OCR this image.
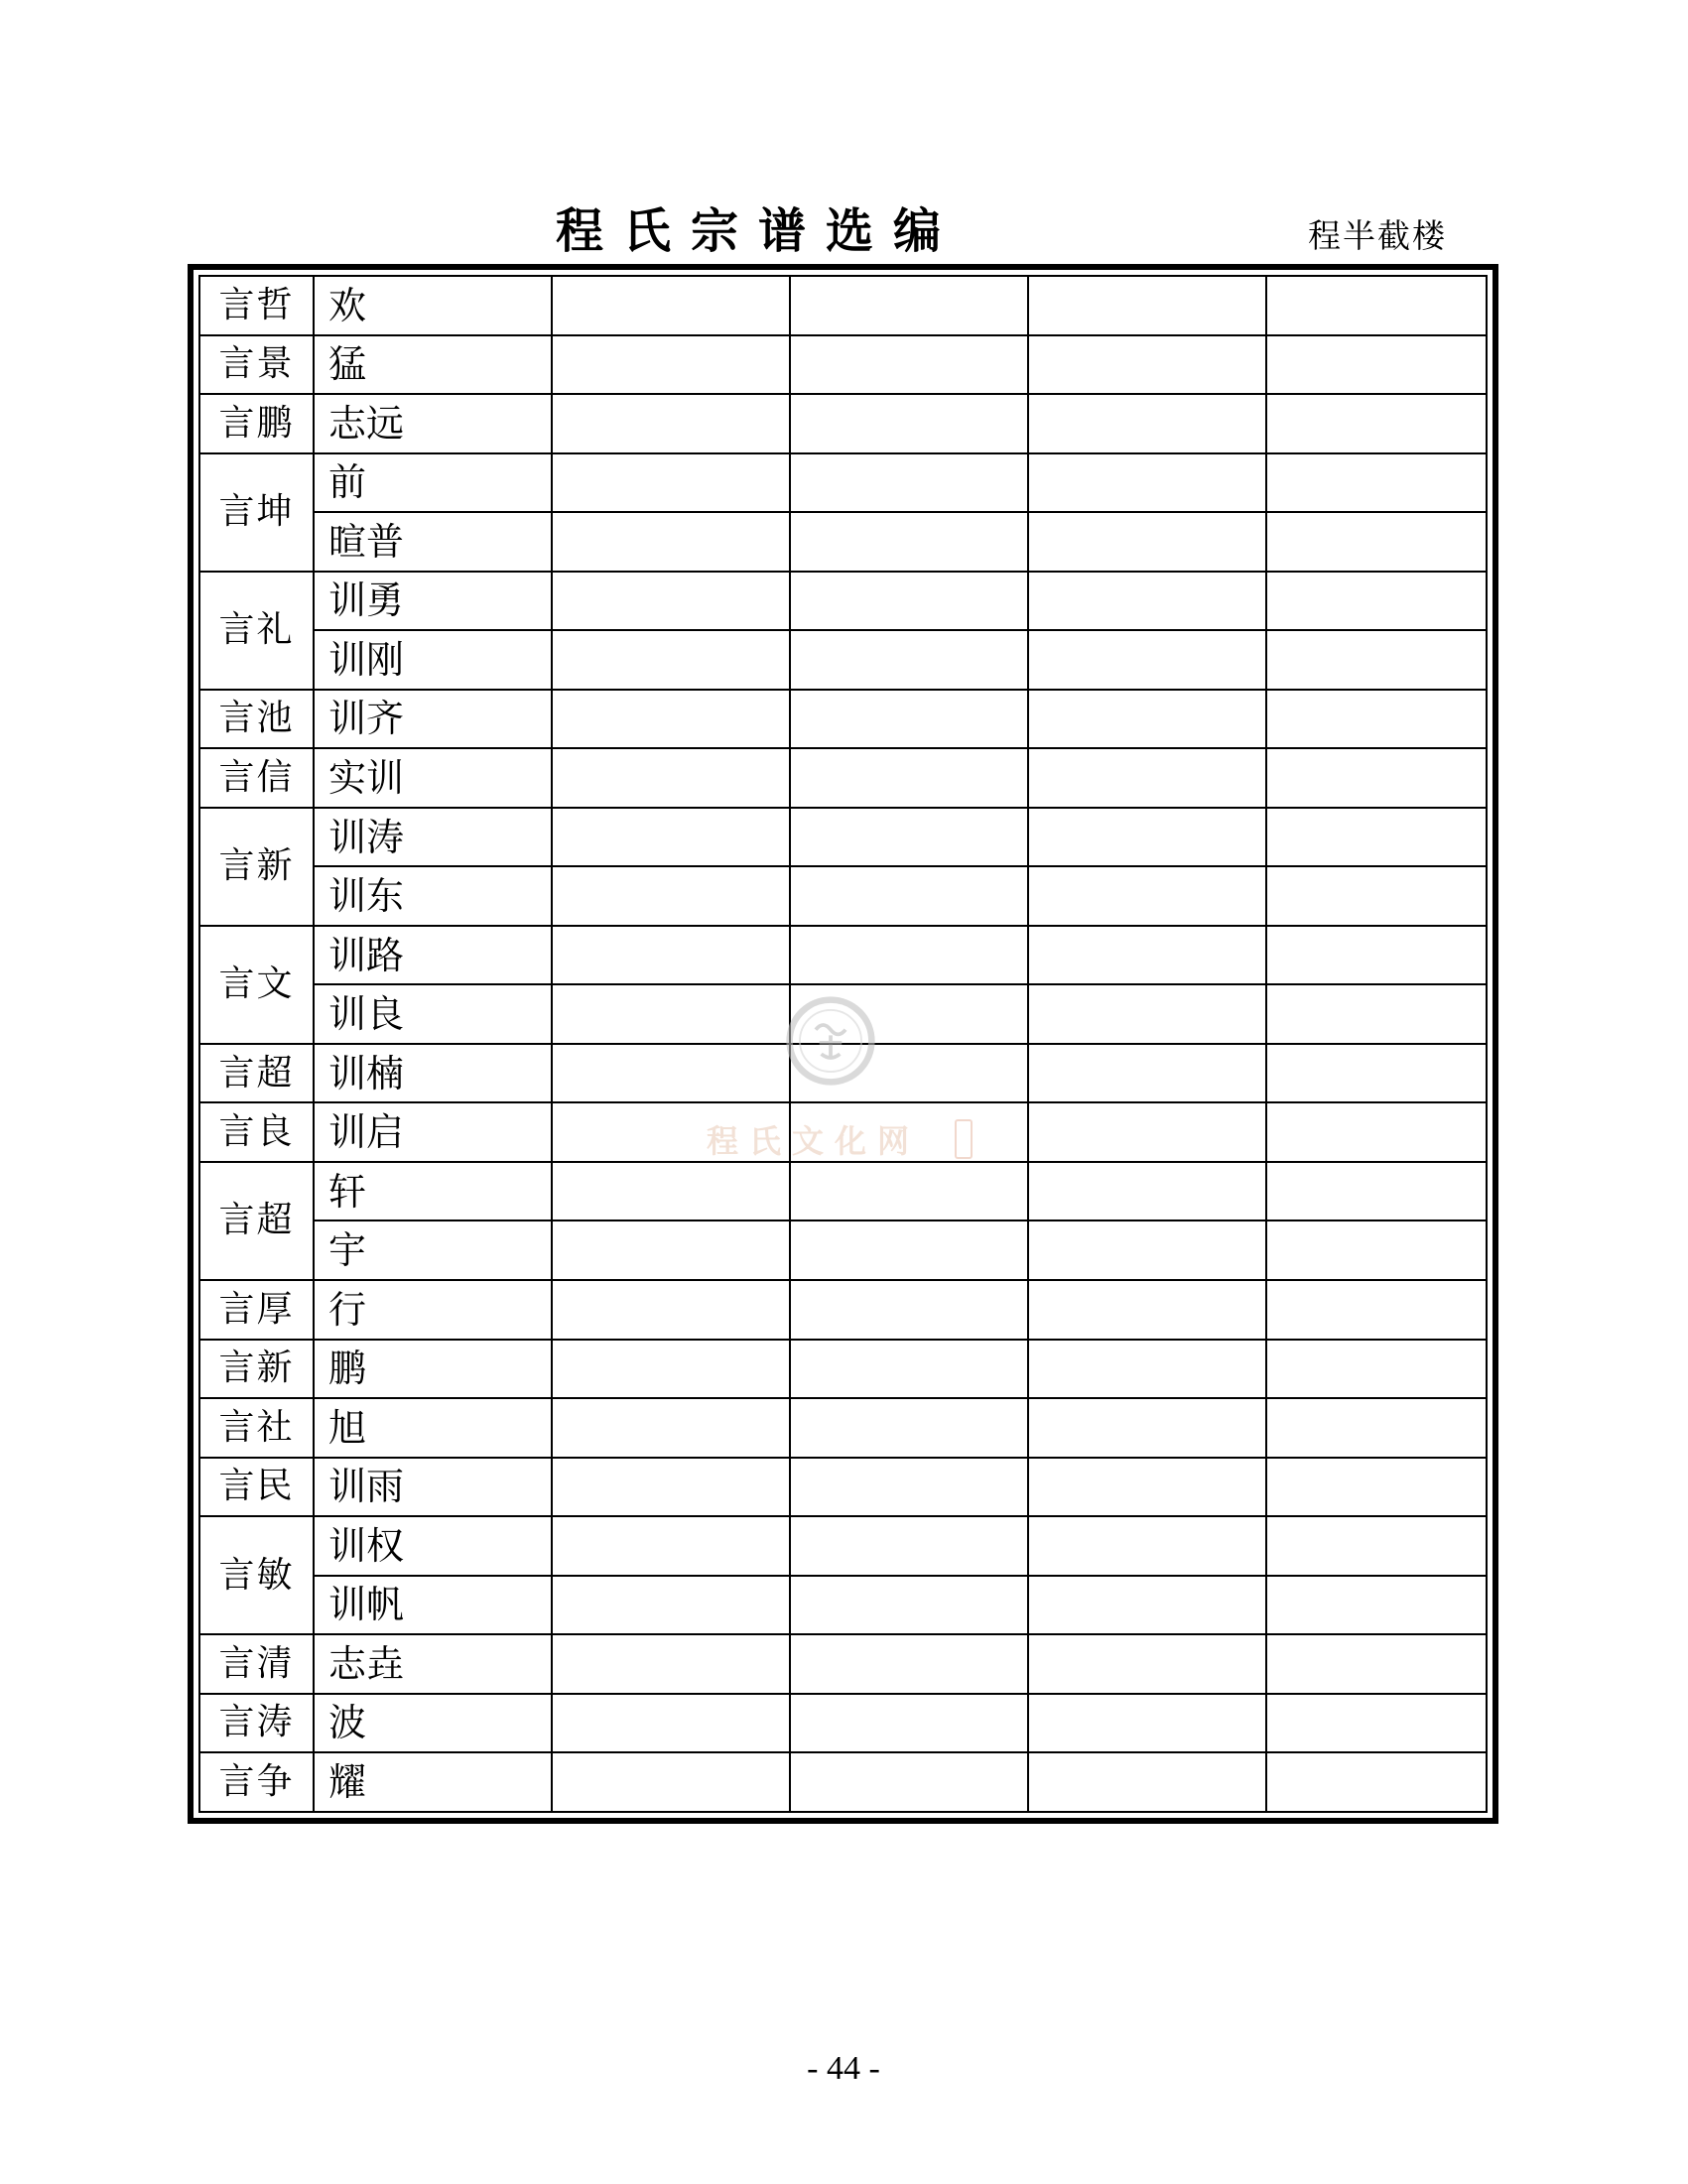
程氏宗谱选编	程半截楼
言哲	欢				
言景	猛				
言鹏	志远				
言坤	前				
	暄普				
言礼	训勇				
	训刚				
言池	训齐				
言信	实训				
言新	训涛				
	训东				
言文	训路				
	训良				
言超	训楠				
言良	训启				
言超	轩				
	宇				
言厚	行				
言新	鹏				
言社	旭				
言民	训雨				
言敏	训权				
	训帆				
言清	志垚				
言涛	波				
言争	耀				
程氏文化网
- 44 -
